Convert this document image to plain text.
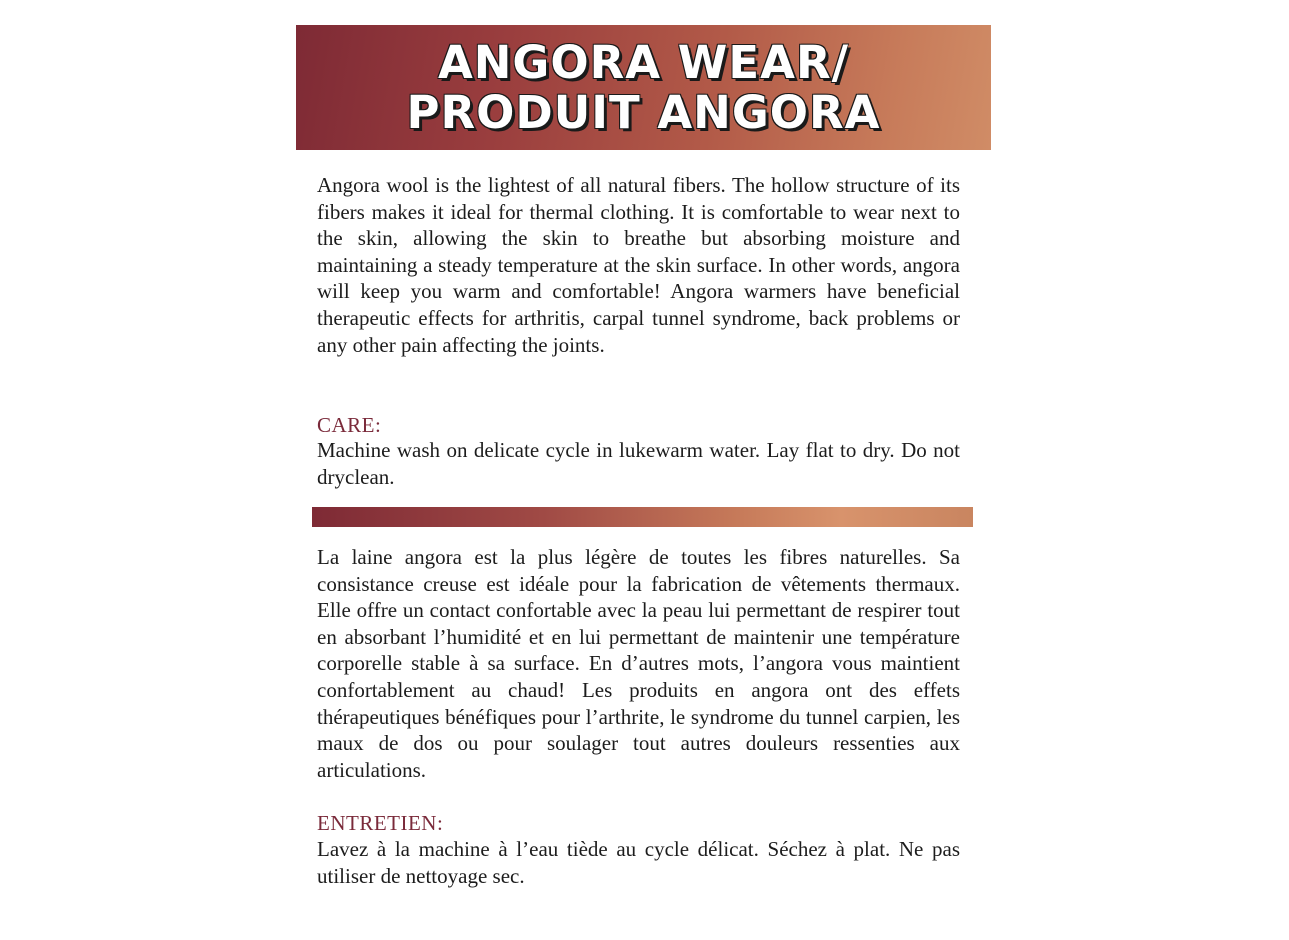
ANGORA WEAR/
PRODUIT ANGORA

Angora wool is the lightest of all natural fibers. The hollow structure of its fibers makes it ideal for thermal clothing. It is comfortable to wear next to the skin, allowing the skin to breathe but absorbing moisture and maintaining a steady temperature at the skin surface. In other words, angora will keep you warm and comfortable! Angora warmers have beneficial therapeutic effects for arthritis, carpal tunnel syndrome, back problems or any other pain affecting the joints.

CARE:

Machine wash on delicate cycle in lukewarm water. Lay flat to dry. Do not dryclean.

La laine angora est la plus légère de toutes les fibres naturelles. Sa consistance creuse est idéale pour la fabrication de vêtements thermaux. Elle offre un contact confortable avec la peau lui permettant de respirer tout en absorbant l’humidité et en lui permettant de maintenir une température corporelle stable à sa surface. En d’autres mots, l’angora vous maintient confortablement au chaud! Les produits en angora ont des effets thérapeutiques bénéfiques pour l’arthrite, le syndrome du tunnel carpien, les maux de dos ou pour soulager tout autres douleurs ressenties aux articulations.

ENTRETIEN:

Lavez à la machine à l’eau tiède au cycle délicat. Séchez à plat. Ne pas utiliser de nettoyage sec.
